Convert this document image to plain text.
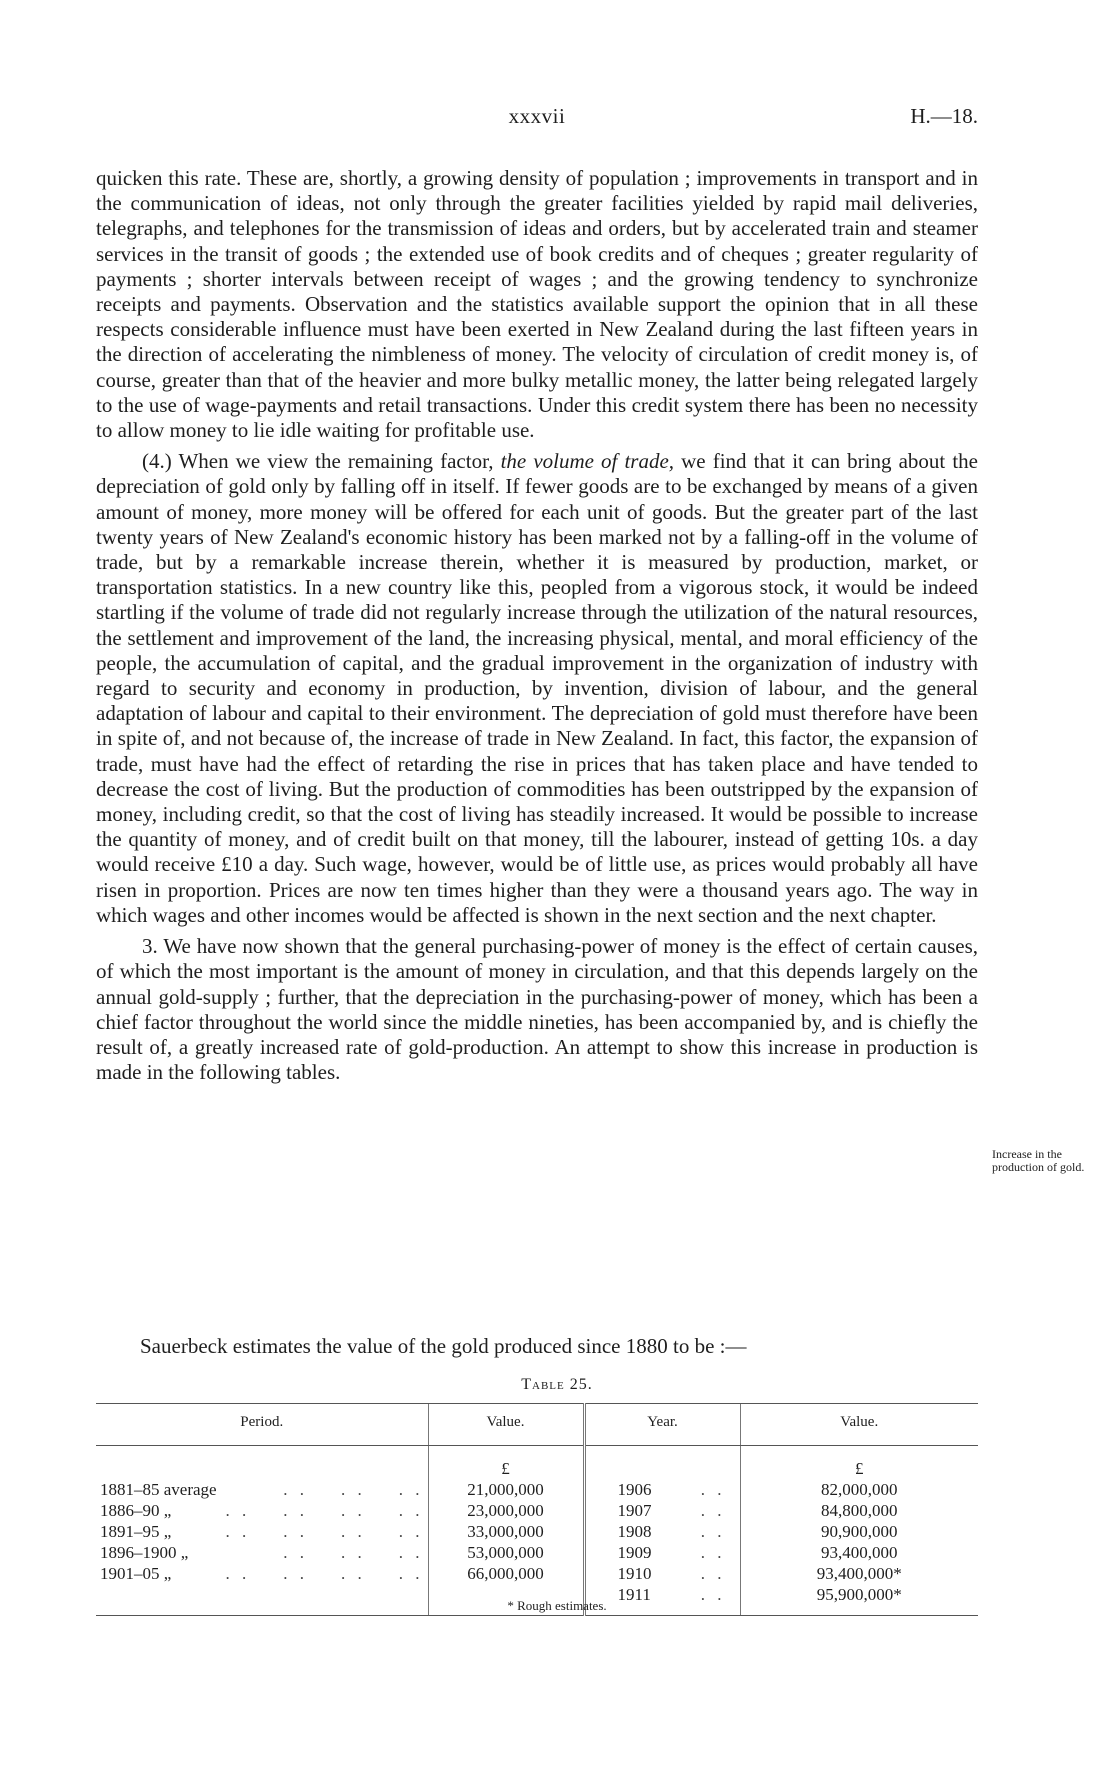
xxxvii	H.—18.

quicken this rate. These are, shortly, a growing density of population ; improvements in transport and in the communication of ideas, not only through the greater facilities yielded by rapid mail deliveries, telegraphs, and telephones for the transmission of ideas and orders, but by accelerated train and steamer services in the transit of goods ; the extended use of book credits and of cheques ; greater regularity of payments ; shorter intervals between receipt of wages ; and the growing tendency to synchronize receipts and payments. Observation and the statistics available support the opinion that in all these respects considerable influence must have been exerted in New Zealand during the last fifteen years in the direction of accelerating the nimbleness of money. The velocity of circulation of credit money is, of course, greater than that of the heavier and more bulky metallic money, the latter being relegated largely to the use of wage-payments and retail transactions. Under this credit system there has been no necessity to allow money to lie idle waiting for profitable use.

(4.) When we view the remaining factor, the volume of trade, we find that it can bring about the depreciation of gold only by falling off in itself. If fewer goods are to be exchanged by means of a given amount of money, more money will be offered for each unit of goods. But the greater part of the last twenty years of New Zealand's economic history has been marked not by a falling-off in the volume of trade, but by a remarkable increase therein, whether it is measured by production, market, or transportation statistics. In a new country like this, peopled from a vigorous stock, it would be indeed startling if the volume of trade did not regularly increase through the utilization of the natural resources, the settlement and improvement of the land, the increasing physical, mental, and moral efficiency of the people, the accumulation of capital, and the gradual improvement in the organization of industry with regard to security and economy in production, by invention, division of labour, and the general adaptation of labour and capital to their environment. The depreciation of gold must therefore have been in spite of, and not because of, the increase of trade in New Zealand. In fact, this factor, the expansion of trade, must have had the effect of retarding the rise in prices that has taken place and have tended to decrease the cost of living. But the production of commodities has been outstripped by the expansion of money, including credit, so that the cost of living has steadily increased. It would be possible to increase the quantity of money, and of credit built on that money, till the labourer, instead of getting 10s. a day would receive £10 a day. Such wage, however, would be of little use, as prices would probably all have risen in proportion. Prices are now ten times higher than they were a thousand years ago. The way in which wages and other incomes would be affected is shown in the next section and the next chapter.

3. We have now shown that the general purchasing-power of money is the effect of certain causes, of which the most important is the amount of money in circulation, and that this depends largely on the annual gold-supply ; further, that the depreciation in the purchasing-power of money, which has been a chief factor throughout the world since the middle nineties, has been accompanied by, and is chiefly the result of, a greatly increased rate of gold-production. An attempt to show this increase in production is made in the following tables.

Increase in the production of gold.
Sauerbeck estimates the value of the gold produced since 1880 to be :—
Table 25.
Period.	Value.	Year.	Value.
	£		£
1881–85 average . .    . .    . .	21,000,000	1906 . .	82,000,000
1886–90 „ . .    . .    . .    . .	23,000,000	1907 . .	84,800,000
1891–95 „ . .    . .    . .    . .	33,000,000	1908 . .	90,900,000
1896–1900 „ . .    . .    . .	53,000,000	1909 . .	93,400,000
1901–05 „ . .    . .    . .    . .	66,000,000	1910 . .	93,400,000*
		1911 . .	95,900,000*
* Rough estimates.
